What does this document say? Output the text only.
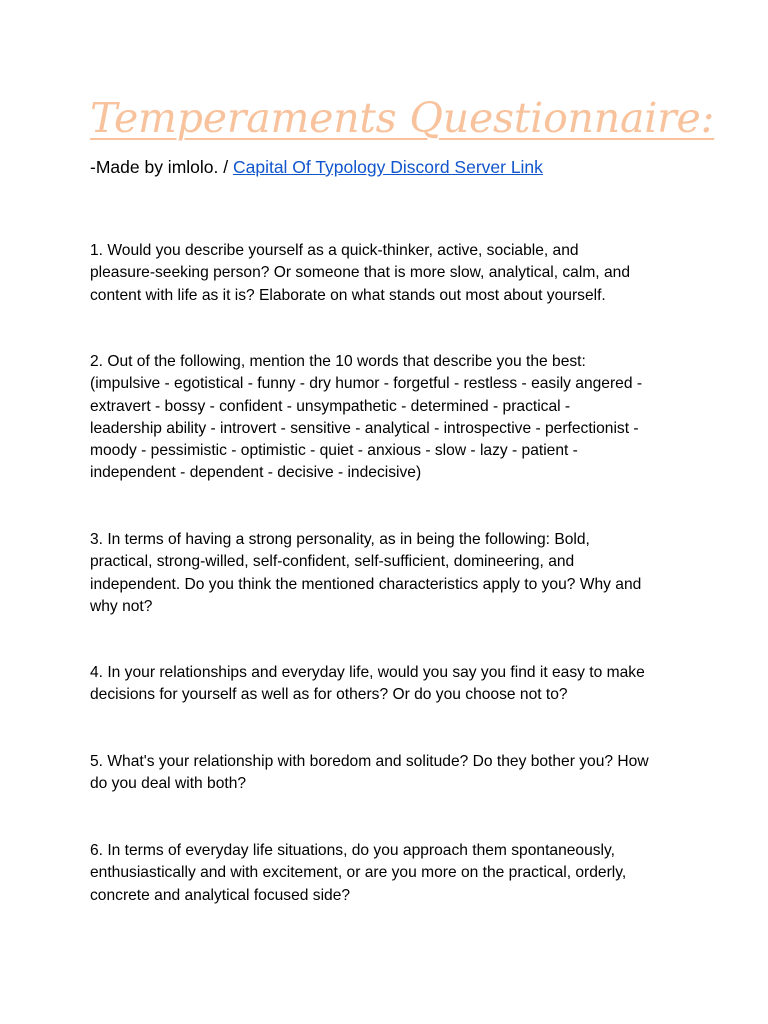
Temperaments Questionnaire:
-Made by imlolo. / Capital Of Typology Discord Server Link

1. Would you describe yourself as a quick-thinker, active, sociable, and
pleasure-seeking person? Or someone that is more slow, analytical, calm, and
content with life as it is? Elaborate on what stands out most about yourself.

2. Out of the following, mention the 10 words that describe you the best:
(impulsive - egotistical - funny - dry humor - forgetful - restless - easily angered -
extravert - bossy - confident - unsympathetic - determined - practical -
leadership ability - introvert - sensitive - analytical - introspective - perfectionist -
moody - pessimistic - optimistic - quiet - anxious - slow - lazy - patient -
independent - dependent - decisive - indecisive)

3. In terms of having a strong personality, as in being the following: Bold,
practical, strong-willed, self-confident, self-sufficient, domineering, and
independent. Do you think the mentioned characteristics apply to you? Why and
why not?

4. In your relationships and everyday life, would you say you find it easy to make
decisions for yourself as well as for others? Or do you choose not to?

5. What's your relationship with boredom and solitude? Do they bother you? How
do you deal with both?

6. In terms of everyday life situations, do you approach them spontaneously,
enthusiastically and with excitement, or are you more on the practical, orderly,
concrete and analytical focused side?
